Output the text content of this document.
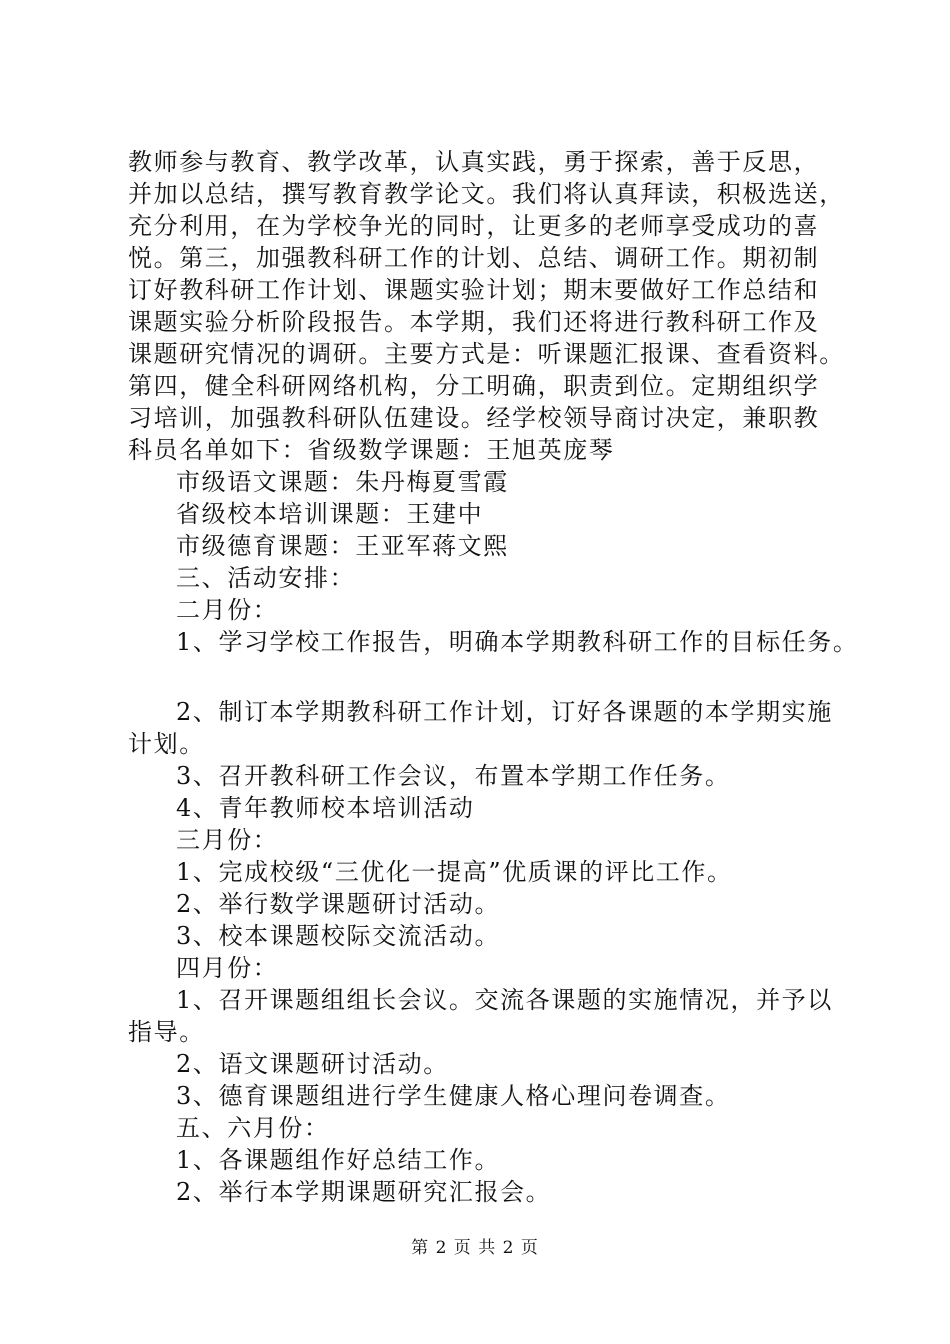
教师参与教育、教学改革，认真实践，勇于探索，善于反思，
并加以总结，撰写教育教学论文。我们将认真拜读，积极选送，
充分利用，在为学校争光的同时，让更多的老师享受成功的喜
悦。第三，加强教科研工作的计划、总结、调研工作。期初制
订好教科研工作计划、课题实验计划；期末要做好工作总结和
课题实验分析阶段报告。本学期，我们还将进行教科研工作及
课题研究情况的调研。主要方式是：听课题汇报课、查看资料。
第四，健全科研网络机构，分工明确，职责到位。定期组织学
习培训，加强教科研队伍建设。经学校领导商讨决定，兼职教
科员名单如下：省级数学课题：王旭英庞琴
市级语文课题：朱丹梅夏雪霞
省级校本培训课题：王建中
市级德育课题：王亚军蒋文熙
三、活动安排：
二月份：
1、学习学校工作报告，明确本学期教科研工作的目标任务。
2、制订本学期教科研工作计划，订好各课题的本学期实施
计划。
3、召开教科研工作会议，布置本学期工作任务。
4、青年教师校本培训活动
三月份：
1、完成校级“三优化一提高”优质课的评比工作。
2、举行数学课题研讨活动。
3、校本课题校际交流活动。
四月份：
1、召开课题组组长会议。交流各课题的实施情况，并予以
指导。
2、语文课题研讨活动。
3、德育课题组进行学生健康人格心理问卷调查。
五、六月份：
1、各课题组作好总结工作。
2、举行本学期课题研究汇报会。
第 2 页 共 2 页
